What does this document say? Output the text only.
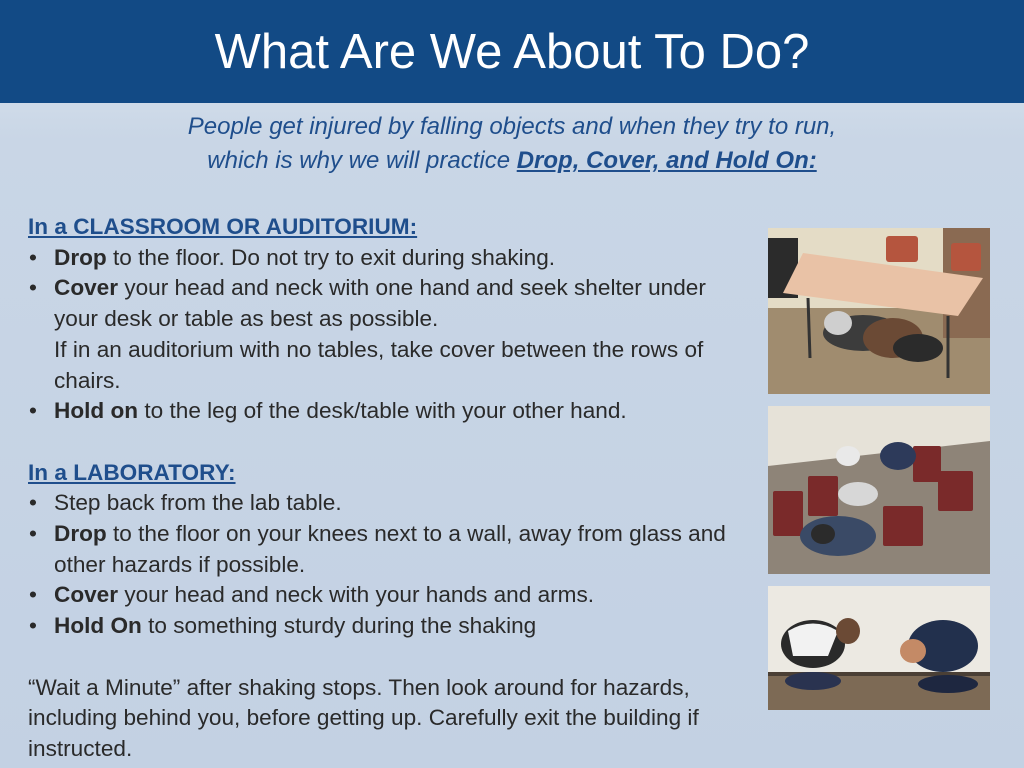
What Are We About To Do?
People get injured by falling objects and when they try to run,
which is why we will practice Drop, Cover, and Hold On:
In a CLASSROOM OR AUDITORIUM:
• Drop to the floor. Do not try to exit during shaking.
• Cover your head and neck with one hand and seek shelter under your desk or table as best as possible.
If in an auditorium with no tables, take cover between the rows of chairs.
• Hold on to the leg of the desk/table with your other hand.
In a LABORATORY:
• Step back from the lab table.
• Drop to the floor on your knees next to a wall, away from glass and other hazards if possible.
• Cover your head and neck with your hands and arms.
• Hold On to something sturdy during the shaking
“Wait a Minute” after shaking stops. Then look around for hazards, including behind you, before getting up. Carefully exit the building if instructed.
